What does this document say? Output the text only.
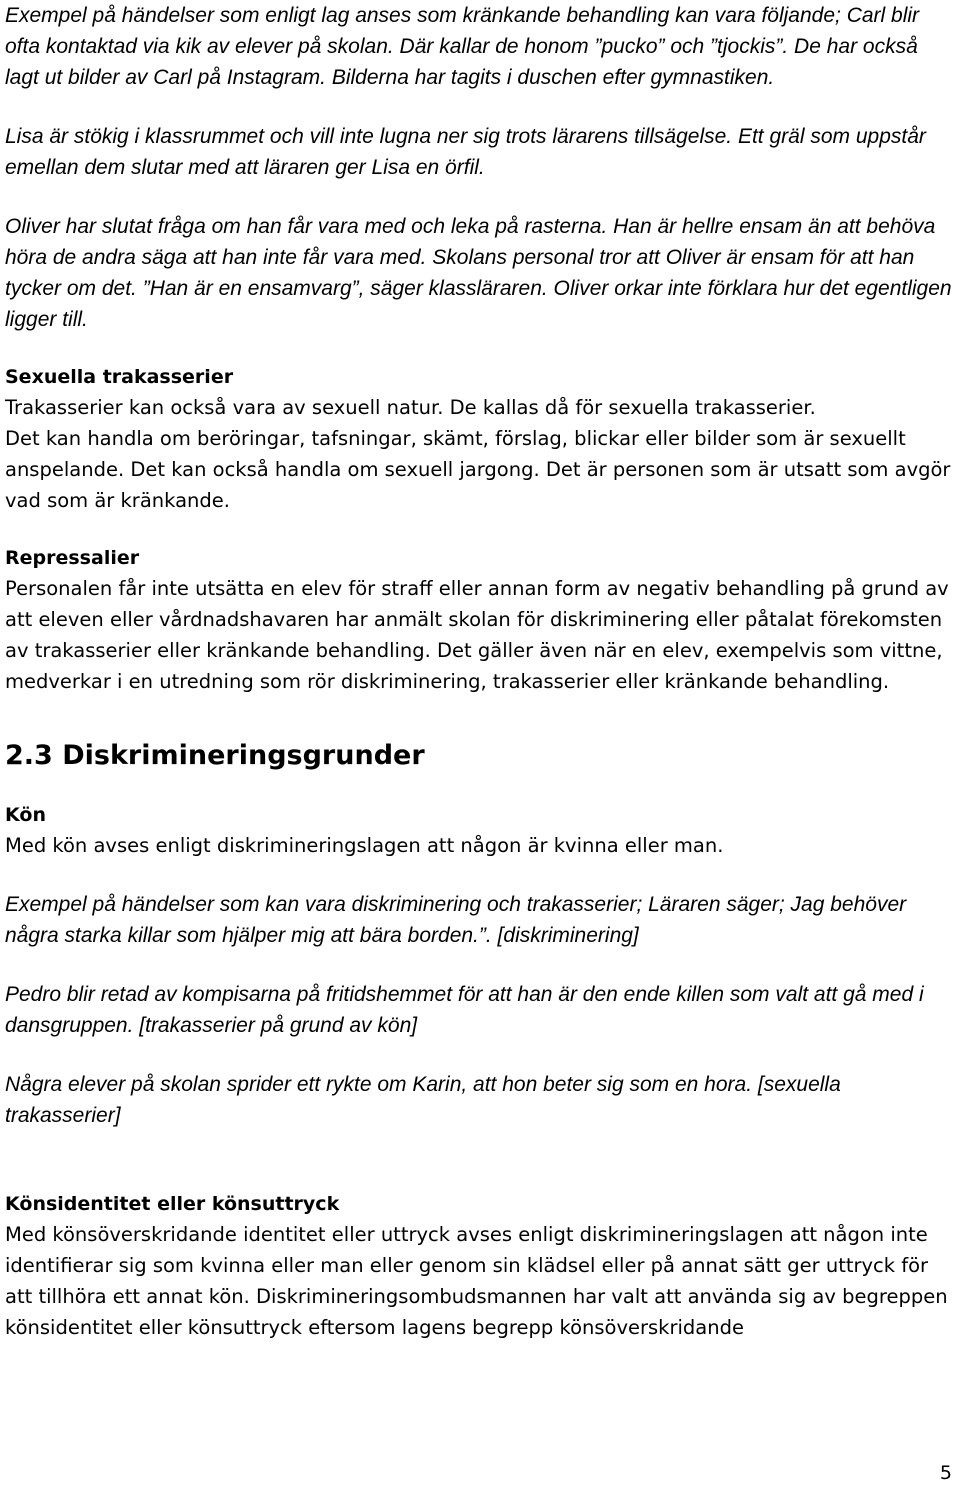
Exempel på händelser som enligt lag anses som kränkande behandling kan vara följande; Carl blir ofta kontaktad via kik av elever på skolan. Där kallar de honom ”pucko” och ”tjockis”. De har också lagt ut bilder av Carl på Instagram. Bilderna har tagits i duschen efter gymnastiken.

Lisa är stökig i klassrummet och vill inte lugna ner sig trots lärarens tillsägelse. Ett gräl som uppstår emellan dem slutar med att läraren ger Lisa en örfil.

Oliver har slutat fråga om han får vara med och leka på rasterna. Han är hellre ensam än att behöva höra de andra säga att han inte får vara med. Skolans personal tror att Oliver är ensam för att han tycker om det. ”Han är en ensamvarg”, säger klassläraren. Oliver orkar inte förklara hur det egentligen ligger till.

Sexuella trakasserier

Trakasserier kan också vara av sexuell natur. De kallas då för sexuella trakasserier.

Det kan handla om beröringar, tafsningar, skämt, förslag, blickar eller bilder som är sexuellt anspelande. Det kan också handla om sexuell jargong. Det är personen som är utsatt som avgör vad som är kränkande.

Repressalier

Personalen får inte utsätta en elev för straff eller annan form av negativ behandling på grund av att eleven eller vårdnadshavaren har anmält skolan för diskriminering eller påtalat förekomsten av trakasserier eller kränkande behandling. Det gäller även när en elev, exempelvis som vittne, medverkar i en utredning som rör diskriminering, trakasserier eller kränkande behandling.

2.3 Diskrimineringsgrunder

Kön

Med kön avses enligt diskrimineringslagen att någon är kvinna eller man.

Exempel på händelser som kan vara diskriminering och trakasserier; Läraren säger; Jag behöver några starka killar som hjälper mig att bära borden.”. [diskriminering]

Pedro blir retad av kompisarna på fritidshemmet för att han är den ende killen som valt att gå med i dansgruppen. [trakasserier på grund av kön]

Några elever på skolan sprider ett rykte om Karin, att hon beter sig som en hora. [sexuella trakasserier]

Könsidentitet eller könsuttryck

Med könsöverskridande identitet eller uttryck avses enligt diskrimineringslagen att någon inte identifierar sig som kvinna eller man eller genom sin klädsel eller på annat sätt ger uttryck för att tillhöra ett annat kön. Diskrimineringsombudsmannen har valt att använda sig av begreppen könsidentitet eller könsuttryck eftersom lagens begrepp könsöverskridande

5
